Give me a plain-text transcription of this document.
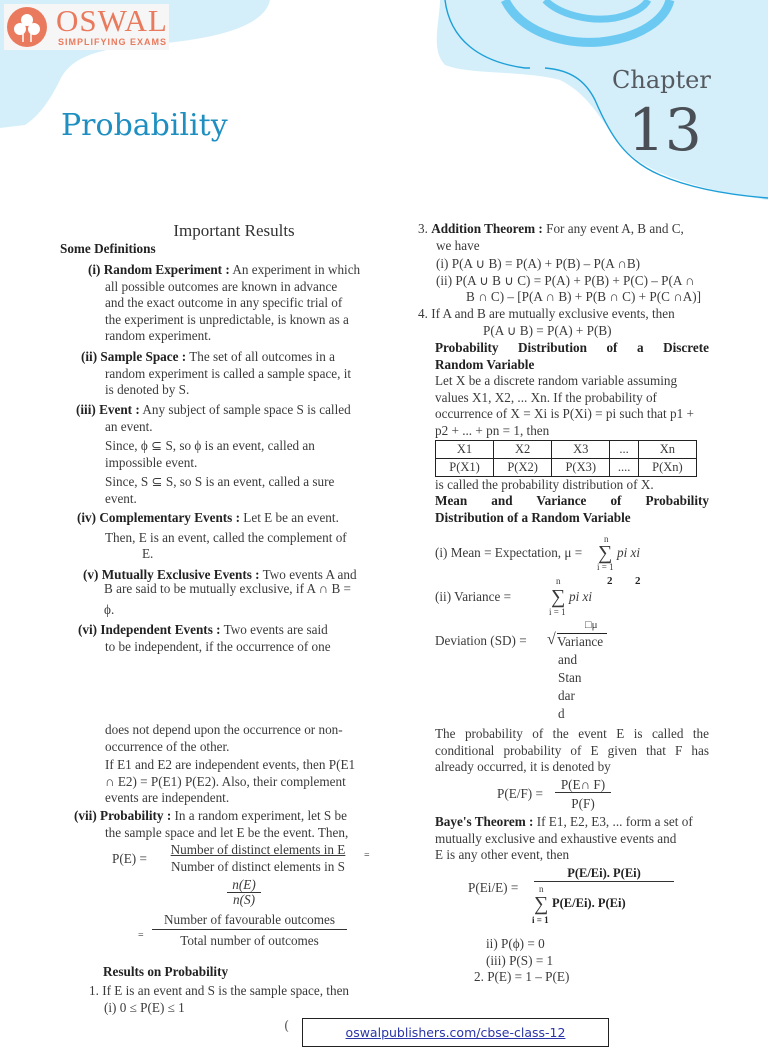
OSWAL
SIMPLIFYING EXAMS
Probability
Chapter
13
Important Results
Some Definitions
(i) Random Experiment : An experiment in which
all possible outcomes are known in advance
and the exact outcome in any specific trial of
the experiment is unpredictable, is known as a
random experiment.
(ii) Sample Space : The set of all outcomes in a
random experiment is called a sample space, it
is denoted by S.
(iii) Event : Any subject of sample space S is called
an event.
Since, ϕ ⊆ S, so ϕ is an event, called an
impossible event.
Since, S ⊆ S, so S is an event, called a sure
event.
(iv) Complementary Events : Let E be an event.
Then, E is an event, called the complement of
E.
(v) Mutually Exclusive Events : Two events A and
B are said to be mutually exclusive, if A ∩ B =
ϕ.
(vi) Independent Events : Two events are said
to be independent, if the occurrence of one
does not depend upon the occurrence or non-
occurrence of the other.
If E1 and E2 are independent events, then P(E1
∩ E2) = P(E1) P(E2). Also, their complement
events are independent.
(vii) Probability : In a random experiment, let S be
the sample space and let E be the event. Then,
P(E) =
Number of distinct elements in E
Number of distinct elements in S
=
$\frac{n(E)}{n(S)}$
=
Number of favourable outcomes
Total number of outcomes
Results on Probability
1. If E is an event and S is the sample space, then
(i) 0 ≤ P(E) ≤ 1
3. Addition Theorem : For any event A, B and C,
we have
(i) P(A ∪ B) = P(A) + P(B) – P(A ∩B)
(ii) P(A ∪ B ∪ C) = P(A) + P(B) + P(C) – P(A ∩
B ∩ C) – [P(A ∩ B) + P(B ∩ C) + P(C ∩A)]
4. If A and B are mutually exclusive events, then
P(A ∪ B) = P(A) + P(B)
Probability Distribution of a Discrete
Random Variable
Let X be a discrete random variable assuming
values X1, X2, ... Xn. If the probability of
occurrence of X = Xi is P(Xi) = pi such that p1 +
p2 + ... + pn = 1, then
X1	X2	X3	...	Xn
P(X1)	P(X2)	P(X3)	....	P(Xn)
is called the probability distribution of X.
Mean and Variance of Probability
Distribution of a Random Variable
(i) Mean = Expectation, μ =
n
∑
i = 1
pi xi
n	2 2
(ii) Variance = ∑ pi xi
i = 1
□μ
Deviation (SD) = √ Variance
and
Stan
dar
d
The probability of the event E is called the
conditional probability of E given that F has
already occurred, it is denoted by
$P(E/F) = \frac{P(E\cap F)}{P(F)}$
Baye's Theorem : If E1, E2, E3, ... form a set of
mutually exclusive and exhaustive events and
E is any other event, then
P(Ei/E) =
P(E/Ei). P(Ei)
n
∑ P(E/Ei). P(Ei)
i = 1
ii) P(ϕ) = 0
(iii) P(S) = 1
2. P(E) = 1 – P(E)
(	oswalpublishers.com/cbse-class-12
